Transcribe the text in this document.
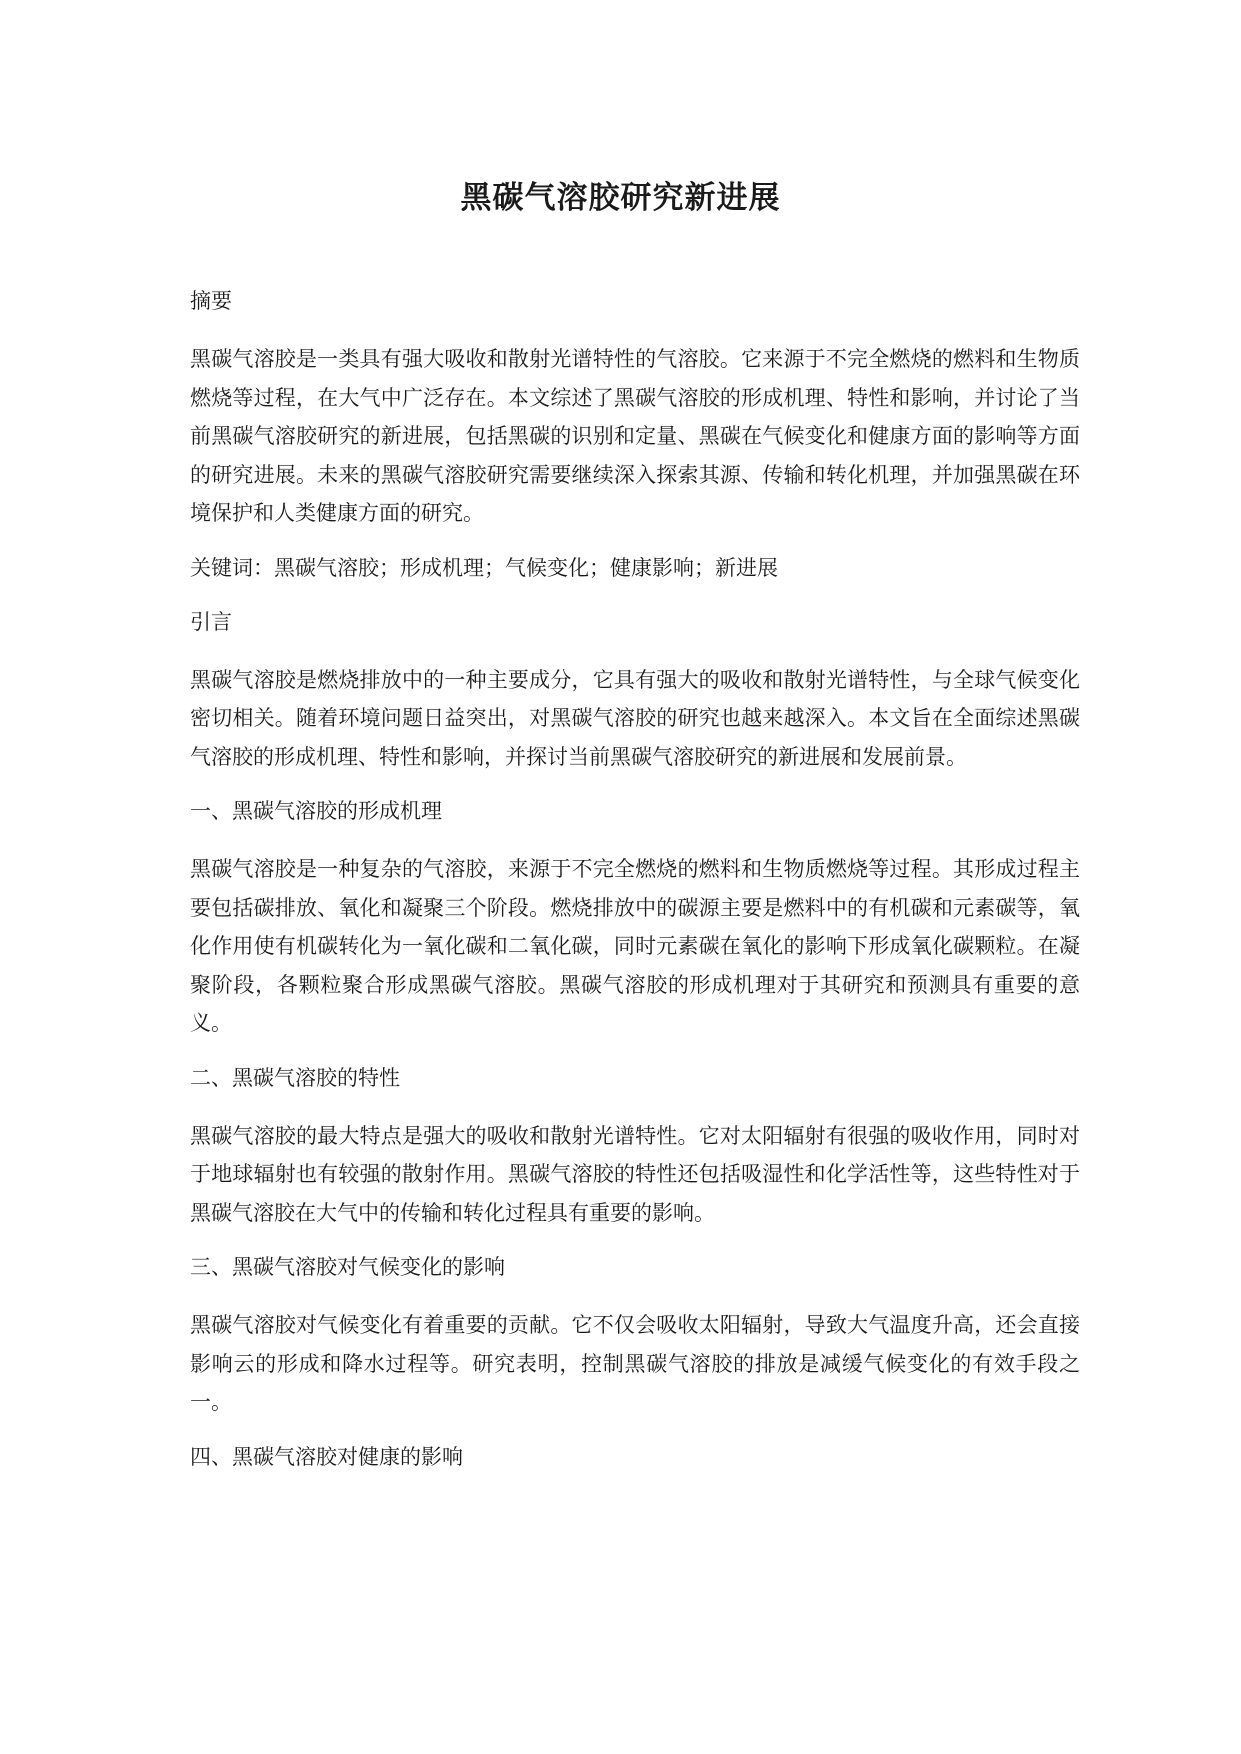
黑碳气溶胶研究新进展
摘要

黑碳气溶胶是一类具有强大吸收和散射光谱特性的气溶胶。它来源于不完全燃烧的燃料和生物质燃烧等过程，在大气中广泛存在。本文综述了黑碳气溶胶的形成机理、特性和影响，并讨论了当前黑碳气溶胶研究的新进展，包括黑碳的识别和定量、黑碳在气候变化和健康方面的影响等方面的研究进展。未来的黑碳气溶胶研究需要继续深入探索其源、传输和转化机理，并加强黑碳在环境保护和人类健康方面的研究。

关键词：黑碳气溶胶；形成机理；气候变化；健康影响；新进展
引言

黑碳气溶胶是燃烧排放中的一种主要成分，它具有强大的吸收和散射光谱特性，与全球气候变化密切相关。随着环境问题日益突出，对黑碳气溶胶的研究也越来越深入。本文旨在全面综述黑碳气溶胶的形成机理、特性和影响，并探讨当前黑碳气溶胶研究的新进展和发展前景。

一、黑碳气溶胶的形成机理

黑碳气溶胶是一种复杂的气溶胶，来源于不完全燃烧的燃料和生物质燃烧等过程。其形成过程主要包括碳排放、氧化和凝聚三个阶段。燃烧排放中的碳源主要是燃料中的有机碳和元素碳等，氧化作用使有机碳转化为一氧化碳和二氧化碳，同时元素碳在氧化的影响下形成氧化碳颗粒。在凝聚阶段，各颗粒聚合形成黑碳气溶胶。黑碳气溶胶的形成机理对于其研究和预测具有重要的意义。

二、黑碳气溶胶的特性

黑碳气溶胶的最大特点是强大的吸收和散射光谱特性。它对太阳辐射有很强的吸收作用，同时对于地球辐射也有较强的散射作用。黑碳气溶胶的特性还包括吸湿性和化学活性等，这些特性对于黑碳气溶胶在大气中的传输和转化过程具有重要的影响。

三、黑碳气溶胶对气候变化的影响

黑碳气溶胶对气候变化有着重要的贡献。它不仅会吸收太阳辐射，导致大气温度升高，还会直接影响云的形成和降水过程等。研究表明，控制黑碳气溶胶的排放是减缓气候变化的有效手段之一。

四、黑碳气溶胶对健康的影响
